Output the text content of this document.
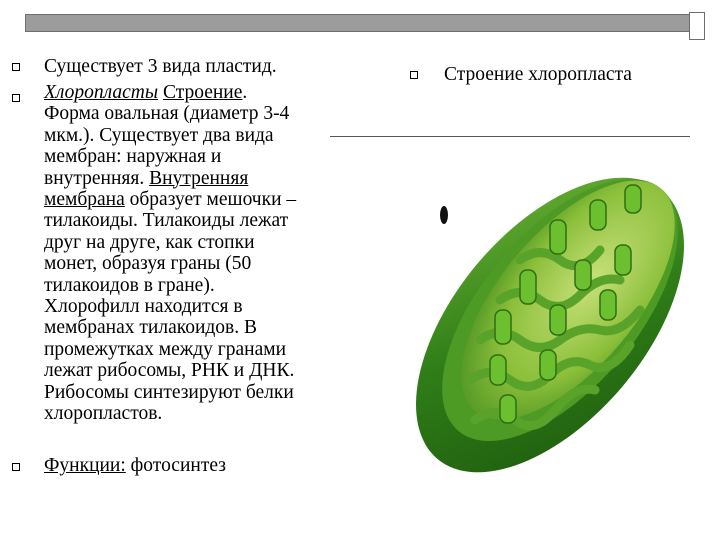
Существует 3 вида пластид.
Хлоропласты Строение.
Форма овальная (диаметр 3-4
мкм.). Существует два вида
мембран: наружная и
внутренняя. Внутренняя
мембрана образует мешочки –
тилакоиды. Тилакоиды лежат
друг на друге, как стопки
монет, образуя граны (50
тилакоидов в гране).
Хлорофилл находится в
мембранах тилакоидов. В
промежутках между гранами
лежат рибосомы, РНК и ДНК.
Рибосомы синтезируют белки
хлоропластов.
Функции: фотосинтез
Строение хлоропласта
